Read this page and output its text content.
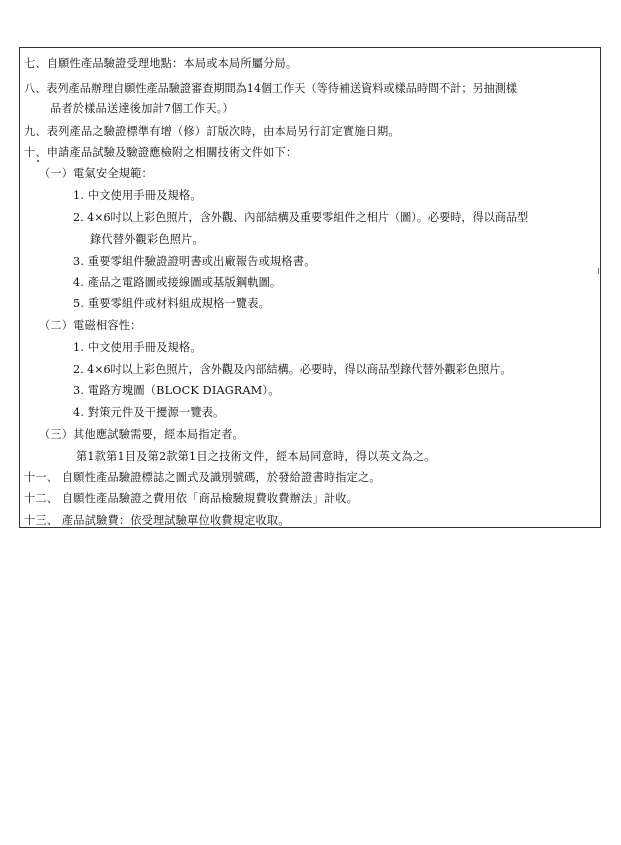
七、自願性產品驗證受理地點：本局或本局所屬分局。
八、表列產品辦理自願性產品驗證審查期間為14個工作天（等待補送資料或樣品時間不計；另抽測樣
品者於樣品送達後加計7個工作天。）
九、表列產品之驗證標準有增（修）訂版次時，由本局另行訂定實施日期。
十、申請產品試驗及驗證應檢附之相關技術文件如下：
（一）電氣安全規範：
1. 中文使用手冊及規格。
2. 4×6吋以上彩色照片，含外觀、內部結構及重要零組件之相片（圖）。必要時，得以商品型
錄代替外觀彩色照片。
3. 重要零組件驗證證明書或出廠報告或規格書。
4. 產品之電路圖或接線圖或基版鋼軌圖。
5. 重要零組件或材料組成規格一覽表。
（二）電磁相容性：
1. 中文使用手冊及規格。
2. 4×6吋以上彩色照片，含外觀及內部結構。必要時，得以商品型錄代替外觀彩色照片。
3. 電路方塊圖（BLOCK DIAGRAM）。
4. 對策元件及干擾源一覽表。
（三）其他應試驗需要，經本局指定者。
第1款第1目及第2款第1目之技術文件，經本局同意時，得以英文為之。
十一、 自願性產品驗證標誌之圖式及識別號碼，於發給證書時指定之。
十二、 自願性產品驗證之費用依「商品檢驗規費收費辦法」計收。
十三、 產品試驗費：依受理試驗單位收費規定收取。
